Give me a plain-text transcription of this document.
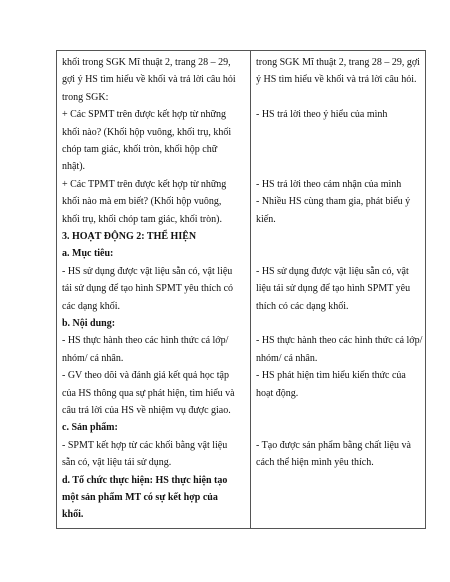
khối trong SGK Mĩ thuật 2, trang 28 – 29,
gợi ý HS tìm hiểu về khối và trả lời câu hỏi
trong SGK:
+ Các SPMT trên được kết hợp từ những
khối nào? (Khối hộp vuông, khối trụ, khối
chóp tam giác, khối tròn, khối hộp chữ
nhật).
+ Các TPMT trên được kết hợp từ những
khối nào mà em biết? (Khối hộp vuông,
khối trụ, khối chóp tam giác, khối tròn).
3. HOẠT ĐỘNG 2: THỂ HIỆN
a. Mục tiêu:
- HS sử dụng được vật liệu sẵn có, vật liệu
tái sử dụng để tạo hình SPMT yêu thích có
các dạng khối.
b. Nội dung:
- HS thực hành theo các hình thức cá lớp/
nhóm/ cá nhân.
- GV theo dõi và đánh giá kết quả học tập
của HS thông qua sự phát hiện, tìm hiểu và
câu trả lời của HS về nhiệm vụ được giao.
c. Sản phẩm:
- SPMT kết hợp từ các khối bằng vật liệu
sẵn có, vật liệu tái sử dụng.
d. Tổ chức thực hiện: HS thực hiện tạo
một sản phẩm MT có sự kết hợp của
khối.
trong SGK Mĩ thuật 2, trang 28 – 29, gợi
ý HS tìm hiểu về khối và trả lời câu hỏi.
- HS trả lời theo ý hiểu của mình
- HS trả lời theo cảm nhận của mình
- Nhiều HS cùng tham gia, phát biểu ý
kiến.
- HS sử dụng được vật liệu sẵn có, vật
liệu tái sử dụng để tạo hình SPMT yêu
thích có các dạng khối.
- HS thực hành theo các hình thức cả lớp/
nhóm/ cá nhân.
- HS phát hiện tìm hiểu kiến thức của
hoạt động.
- Tạo được sản phẩm bằng chất liệu và
cách thể hiện mình yêu thích.
